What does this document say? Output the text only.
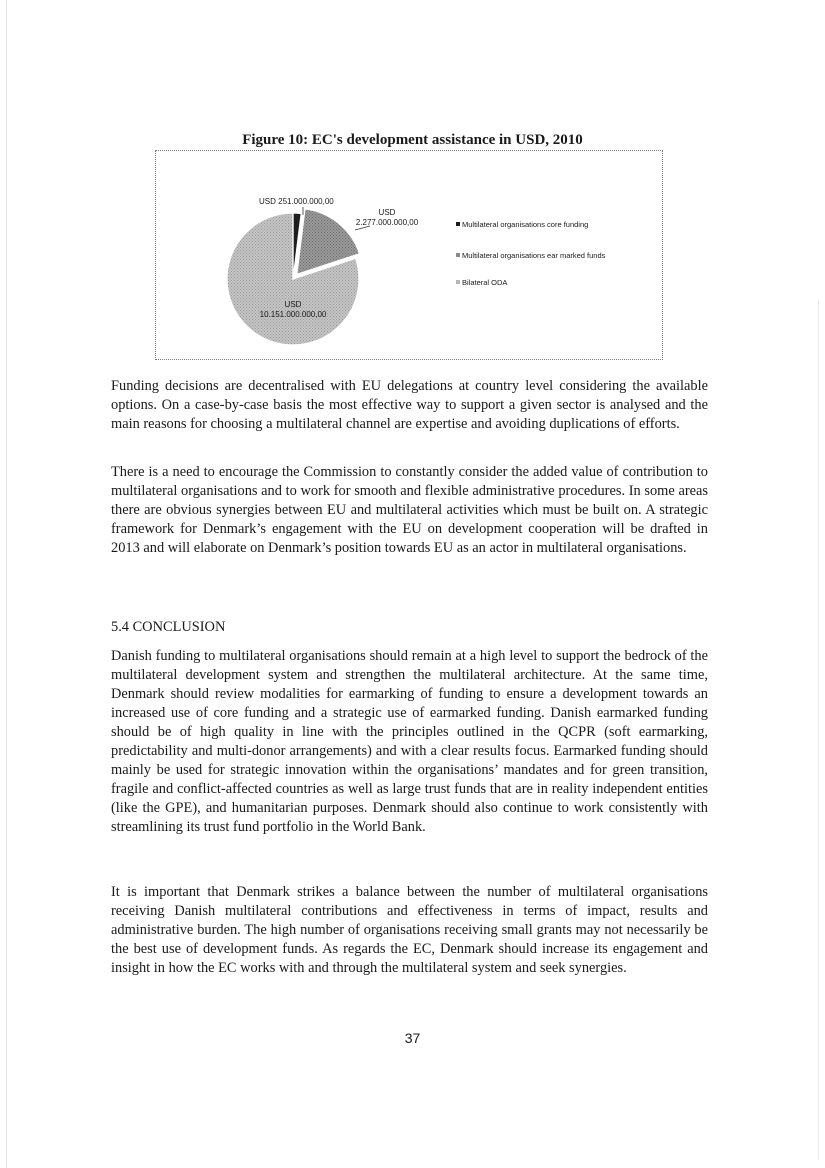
Figure 10: EC's development assistance in USD, 2010
USD 251.000.000,00
USD 2.277.000.000,00
USD 10.151.000.000,00
Multilateral organisations core funding
Multilateral organisations ear marked funds
Bilateral ODA

Funding decisions are decentralised with EU delegations at country level considering the available options. On a case-by-case basis the most effective way to support a given sector is analysed and the main reasons for choosing a multilateral channel are expertise and avoiding duplications of efforts.

There is a need to encourage the Commission to constantly consider the added value of contribution to multilateral organisations and to work for smooth and flexible administrative procedures. In some areas there are obvious synergies between EU and multilateral activities which must be built on. A strategic framework for Denmark’s engagement with the EU on development cooperation will be drafted in 2013 and will elaborate on Denmark’s position towards EU as an actor in multilateral organisations.

5.4 CONCLUSION

Danish funding to multilateral organisations should remain at a high level to support the bedrock of the multilateral development system and strengthen the multilateral architecture. At the same time, Denmark should review modalities for earmarking of funding to ensure a development towards an increased use of core funding and a strategic use of earmarked funding. Danish earmarked funding should be of high quality in line with the principles outlined in the QCPR (soft earmarking, predictability and multi-donor arrangements) and with a clear results focus. Earmarked funding should mainly be used for strategic innovation within the organisations’ mandates and for green transition, fragile and conflict-affected countries as well as large trust funds that are in reality independent entities (like the GPE), and humanitarian purposes. Denmark should also continue to work consistently with streamlining its trust fund portfolio in the World Bank.

It is important that Denmark strikes a balance between the number of multilateral organisations receiving Danish multilateral contributions and effectiveness in terms of impact, results and administrative burden. The high number of organisations receiving small grants may not necessarily be the best use of development funds. As regards the EC, Denmark should increase its engagement and insight in how the EC works with and through the multilateral system and seek synergies.

37
